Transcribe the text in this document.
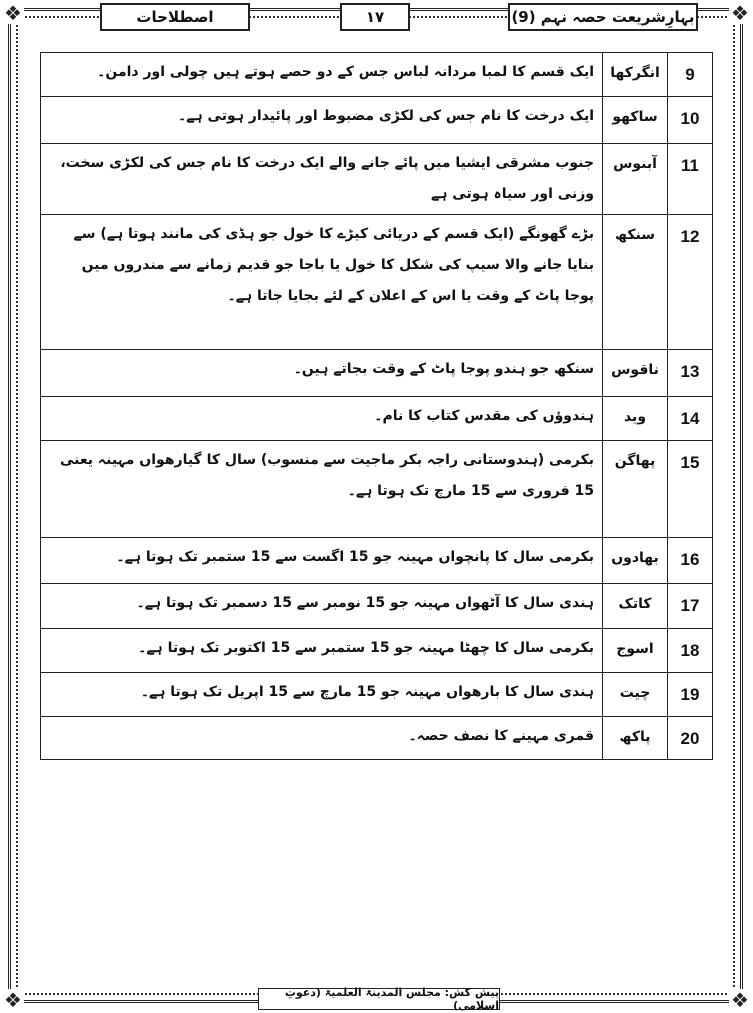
❖	❖
❖	❖
بہارِشریعت حصہ نہم (9)
۱۷
اصطلاحات
9	انگرکھا	ایک قسم کا لمبا مردانہ لباس جس کے دو حصے ہوتے ہیں چولی اور دامن۔
10	ساکھو	ایک درخت کا نام جس کی لکڑی مضبوط اور پائیدار ہوتی ہے۔
11	آبنوس	جنوب مشرقی ایشیا میں پائے جانے والے ایک درخت کا نام جس کی لکڑی سخت، وزنی اور سیاہ ہوتی ہے
12	سنکھ	بڑے گھونگے (ایک قسم کے دریائی کیڑے کا خول جو ہڈی کی مانند ہوتا ہے) سے بنایا جانے والا سیپ کی شکل کا خول یا باجا جو قدیم زمانے سے مندروں میں پوجا پاٹ کے وقت یا اس کے اعلان کے لئے بجایا جاتا ہے۔
13	ناقوس	سنکھ جو ہندو پوجا پاٹ کے وقت بجاتے ہیں۔
14	وید	ہندوؤں کی مقدس کتاب کا نام۔
15	پھاگن	بکرمی (ہندوستانی راجہ بکر ماجیت سے منسوب) سال کا گیارھواں مہینہ یعنی 15 فروری سے 15 مارچ تک ہوتا ہے۔
16	بھادوں	بکرمی سال کا پانچواں مہینہ جو 15 اگست سے 15 ستمبر تک ہوتا ہے۔
17	کاتک	ہندی سال کا آٹھواں مہینہ جو 15 نومبر سے 15 دسمبر تک ہوتا ہے۔
18	اسوج	بکرمی سال کا چھٹا مہینہ جو 15 ستمبر سے 15 اکتوبر تک ہوتا ہے۔
19	چیت	ہندی سال کا بارھواں مہینہ جو 15 مارچ سے 15 اپریل تک ہوتا ہے۔
20	پاکھ	قمری مہینے کا نصف حصہ۔
پیش کش: مجلس المدینۃ العلمیۃ (دعوتِ اسلامی)
